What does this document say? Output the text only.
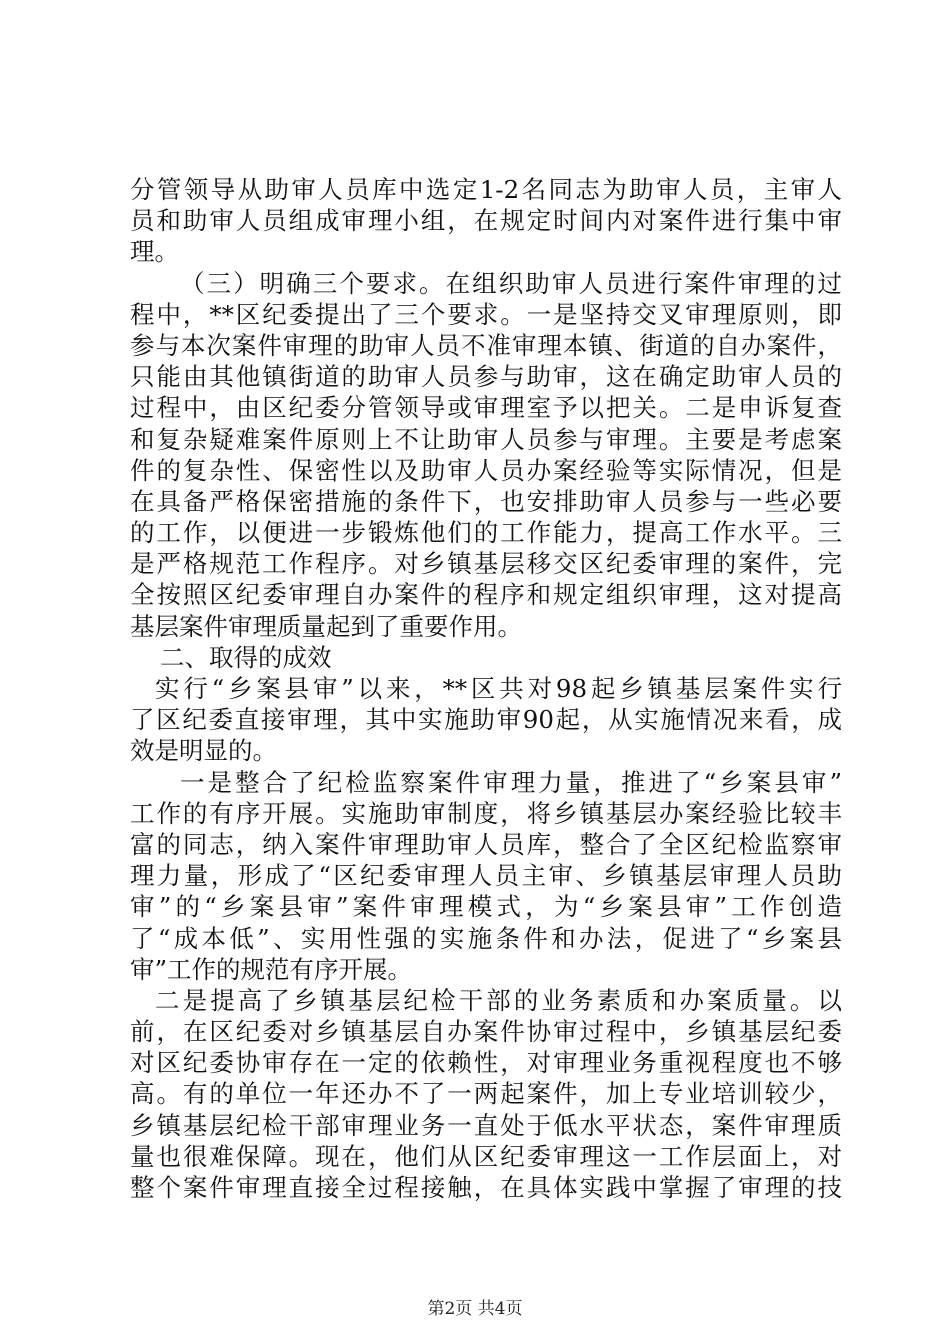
分管领导从助审人员库中选定1-2名同志为助审人员，主审人
员和助审人员组成审理小组，在规定时间内对案件进行集中审
理。
（三）明确三个要求。在组织助审人员进行案件审理的过
程中，**区纪委提出了三个要求。一是坚持交叉审理原则，即
参与本次案件审理的助审人员不准审理本镇、街道的自办案件，
只能由其他镇街道的助审人员参与助审，这在确定助审人员的
过程中，由区纪委分管领导或审理室予以把关。二是申诉复查
和复杂疑难案件原则上不让助审人员参与审理。主要是考虑案
件的复杂性、保密性以及助审人员办案经验等实际情况，但是
在具备严格保密措施的条件下，也安排助审人员参与一些必要
的工作，以便进一步锻炼他们的工作能力，提高工作水平。三
是严格规范工作程序。对乡镇基层移交区纪委审理的案件，完
全按照区纪委审理自办案件的程序和规定组织审理，这对提高
基层案件审理质量起到了重要作用。
二、取得的成效
实行“乡案县审”以来，**区共对98起乡镇基层案件实行
了区纪委直接审理，其中实施助审90起，从实施情况来看，成
效是明显的。
一是整合了纪检监察案件审理力量，推进了“乡案县审”
工作的有序开展。实施助审制度，将乡镇基层办案经验比较丰
富的同志，纳入案件审理助审人员库，整合了全区纪检监察审
理力量，形成了“区纪委审理人员主审、乡镇基层审理人员助
审”的“乡案县审”案件审理模式，为“乡案县审”工作创造
了“成本低”、实用性强的实施条件和办法，促进了“乡案县
审”工作的规范有序开展。
二是提高了乡镇基层纪检干部的业务素质和办案质量。以
前，在区纪委对乡镇基层自办案件协审过程中，乡镇基层纪委
对区纪委协审存在一定的依赖性，对审理业务重视程度也不够
高。有的单位一年还办不了一两起案件，加上专业培训较少，
乡镇基层纪检干部审理业务一直处于低水平状态，案件审理质
量也很难保障。现在，他们从区纪委审理这一工作层面上，对
整个案件审理直接全过程接触，在具体实践中掌握了审理的技
第2页 共4页
